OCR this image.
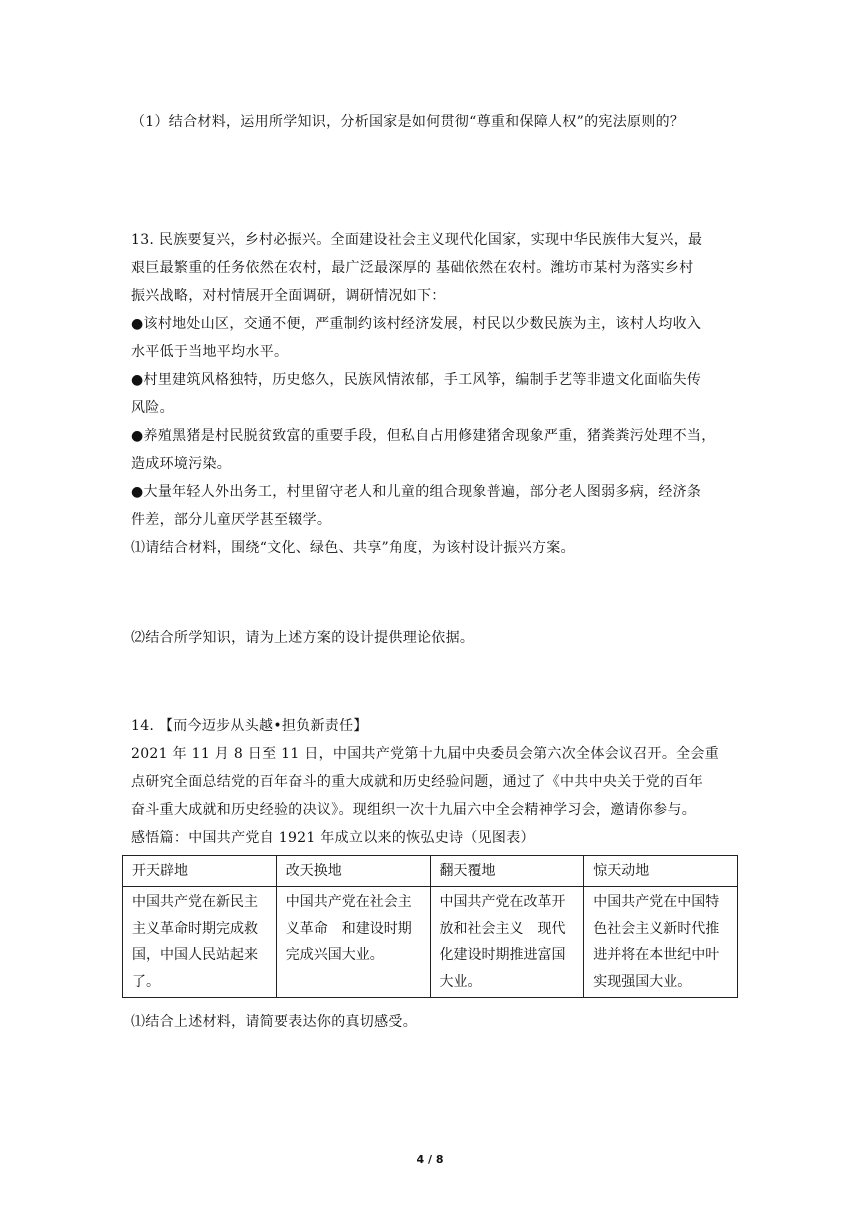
（1）结合材料，运用所学知识，分析国家是如何贯彻“尊重和保障人权”的宪法原则的？
13. 民族要复兴，乡村必振兴。全面建设社会主义现代化国家，实现中华民族伟大复兴，最
艰巨最繁重的任务依然在农村，最广泛最深厚的 基础依然在农村。潍坊市某村为落实乡村
振兴战略，对村情展开全面调研，调研情况如下：
●该村地处山区，交通不便，严重制约该村经济发展，村民以少数民族为主，该村人均收入
水平低于当地平均水平。
●村里建筑风格独特，历史悠久，民族风情浓郁，手工风筝，编制手艺等非遗文化面临失传
风险。
●养殖黑猪是村民脱贫致富的重要手段，但私自占用修建猪舍现象严重，猪粪粪污处理不当，
造成环境污染。
●大量年轻人外出务工，村里留守老人和儿童的组合现象普遍，部分老人图弱多病，经济条
件差，部分儿童厌学甚至辍学。
⑴请结合材料，围绕“文化、绿色、共享”角度，为该村设计振兴方案。
⑵结合所学知识，请为上述方案的设计提供理论依据。
14. 【而今迈步从头越•担负新责任】
2021 年 11 月 8 日至 11 日，中国共产党第十九届中央委员会第六次全体会议召开。全会重
点研究全面总结党的百年奋斗的重大成就和历史经验问题，通过了《中共中央关于党的百年
奋斗重大成就和历史经验的决议》。现组织一次十九届六中全会精神学习会，邀请你参与。
感悟篇：中国共产党自 1921 年成立以来的恢弘史诗（见图表）
开天辟地	改天换地	翻天覆地	惊天动地
中国共产党在新民主主义革命时期完成救国，中国人民站起来了。	中国共产党在社会主义革命　和建设时期完成兴国大业。	中国共产党在改革开放和社会主义　现代化建设时期推进富国大业。	中国共产党在中国特色社会主义新时代推进并将在本世纪中叶实现强国大业。
⑴结合上述材料，请简要表达你的真切感受。
4 / 8
